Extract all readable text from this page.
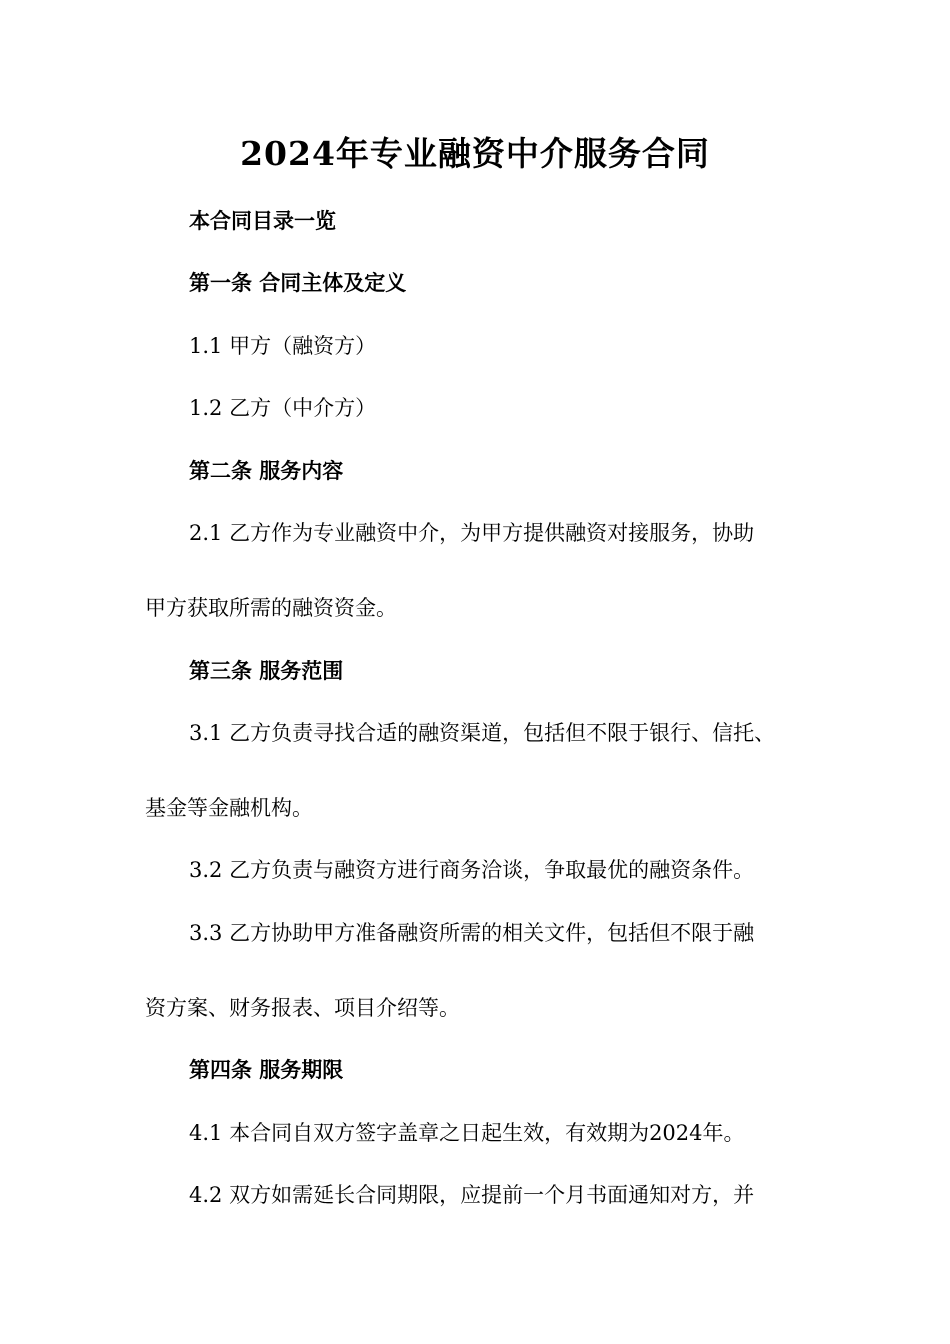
2024年专业融资中介服务合同
本合同目录一览
第一条 合同主体及定义
1.1 甲方（融资方）
1.2 乙方（中介方）
第二条 服务内容
2.1 乙方作为专业融资中介，为甲方提供融资对接服务，协助
甲方获取所需的融资资金。
第三条 服务范围
3.1 乙方负责寻找合适的融资渠道，包括但不限于银行、信托、
基金等金融机构。
3.2 乙方负责与融资方进行商务洽谈，争取最优的融资条件。
3.3 乙方协助甲方准备融资所需的相关文件，包括但不限于融
资方案、财务报表、项目介绍等。
第四条 服务期限
4.1 本合同自双方签字盖章之日起生效，有效期为2024年。
4.2 双方如需延长合同期限，应提前一个月书面通知对方，并
